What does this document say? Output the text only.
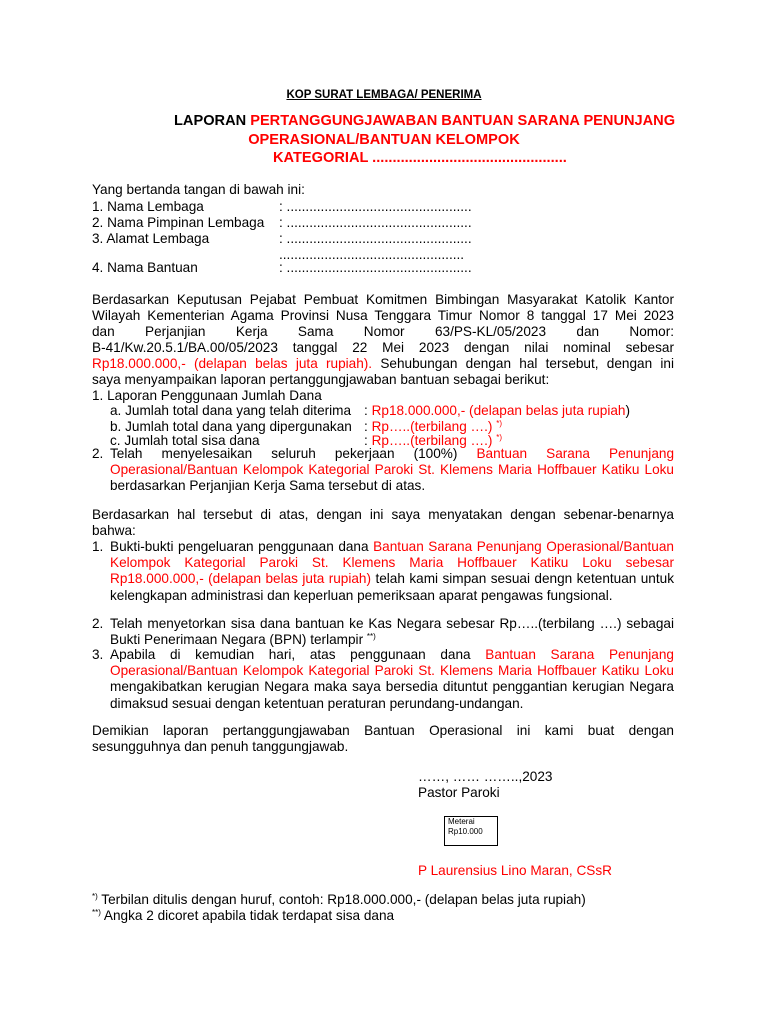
KOP SURAT LEMBAGA/ PENERIMA
LAPORAN PERTANGGUNGJAWABAN BANTUAN SARANA PENUNJANG
OPERASIONAL/BANTUAN KELOMPOK
KATEGORIAL ................................................
Yang bertanda tangan di bawah ini:
1. Nama Lembaga	: .................................................
2. Nama Pimpinan Lembaga : .................................................
3. Alamat Lembaga	: .................................................
.................................................
4. Nama Bantuan	: .................................................
Berdasarkan Keputusan Pejabat Pembuat Komitmen Bimbingan Masyarakat Katolik Kantor
Wilayah Kementerian Agama Provinsi Nusa Tenggara Timur Nomor 8 tanggal 17 Mei 2023
dan Perjanjian Kerja Sama Nomor 63/PS-KL/05/2023 dan Nomor:
B-41/Kw.20.5.1/BA.00/05/2023 tanggal 22 Mei 2023 dengan nilai nominal sebesar
Rp18.000.000,- (delapan belas juta rupiah). Sehubungan dengan hal tersebut, dengan ini
saya menyampaikan laporan pertanggungjawaban bantuan sebagai berikut:
1. Laporan Penggunaan Jumlah Dana
a. Jumlah total dana yang telah diterima : Rp18.000.000,- (delapan belas juta rupiah)
b. Jumlah total dana yang dipergunakan : Rp…..(terbilang ….) *)
c. Jumlah total sisa dana	: Rp…..(terbilang ….) *)
2. Telah menyelesaikan seluruh pekerjaan (100%) Bantuan Sarana Penunjang Operasional/Bantuan Kelompok Kategorial Paroki St. Klemens Maria Hoffbauer Katiku Loku berdasarkan Perjanjian Kerja Sama tersebut di atas.
Berdasarkan hal tersebut di atas, dengan ini saya menyatakan dengan sebenar-benarnya bahwa:
1. Bukti-bukti pengeluaran penggunaan dana Bantuan Sarana Penunjang Operasional/Bantuan Kelompok Kategorial Paroki St. Klemens Maria Hoffbauer Katiku Loku sebesar Rp18.000.000,- (delapan belas juta rupiah) telah kami simpan sesuai dengn ketentuan untuk kelengkapan administrasi dan keperluan pemeriksaan aparat pengawas fungsional.
2. Telah menyetorkan sisa dana bantuan ke Kas Negara sebesar Rp…..(terbilang ….) sebagai Bukti Penerimaan Negara (BPN) terlampir **)
3. Apabila di kemudian hari, atas penggunaan dana Bantuan Sarana Penunjang Operasional/Bantuan Kelompok Kategorial Paroki St. Klemens Maria Hoffbauer Katiku Loku mengakibatkan kerugian Negara maka saya bersedia dituntut penggantian kerugian Negara dimaksud sesuai dengan ketentuan peraturan perundang-undangan.
Demikian laporan pertanggungjawaban Bantuan Operasional ini kami buat dengan sesungguhnya dan penuh tanggungjawab.
……, …… ……..,2023
Pastor Paroki
Meterai
Rp10.000
P Laurensius Lino Maran, CSsR
*) Terbilan ditulis dengan huruf, contoh: Rp18.000.000,- (delapan belas juta rupiah)
**) Angka 2 dicoret apabila tidak terdapat sisa dana
